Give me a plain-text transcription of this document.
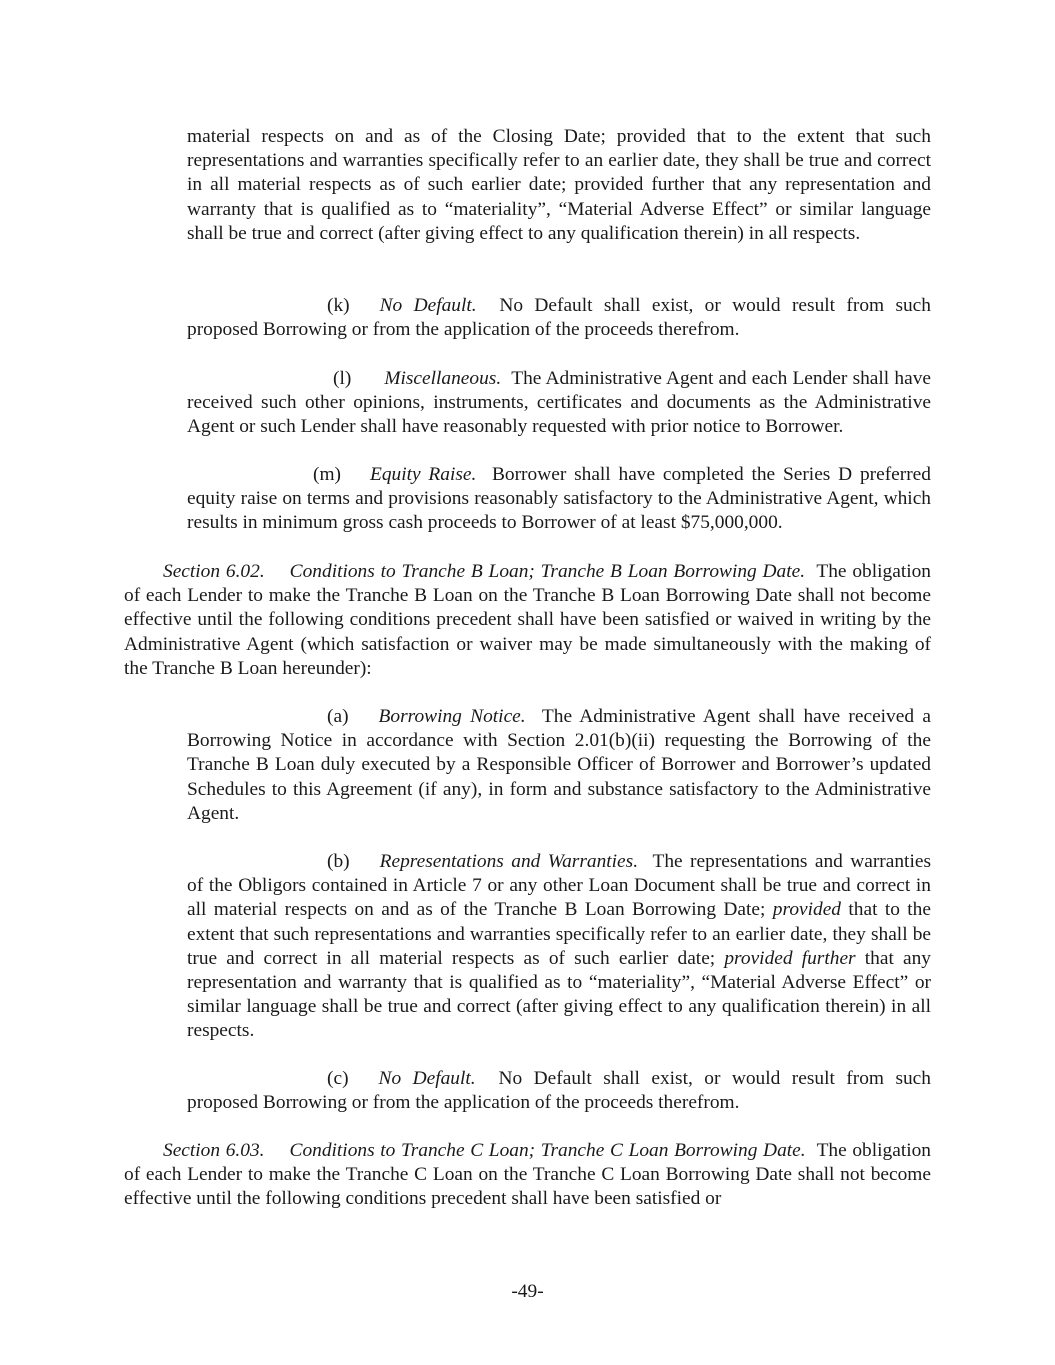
material respects on and as of the Closing Date; provided that to the extent that such representations and warranties specifically refer to an earlier date, they shall be true and correct in all material respects as of such earlier date; provided further that any representation and warranty that is qualified as to “materiality”, “Material Adverse Effect” or similar language shall be true and correct (after giving effect to any qualification therein) in all respects.

(k) No Default. No Default shall exist, or would result from such proposed Borrowing or from the application of the proceeds therefrom.

(l) Miscellaneous. The Administrative Agent and each Lender shall have received such other opinions, instruments, certificates and documents as the Administrative Agent or such Lender shall have reasonably requested with prior notice to Borrower.

(m) Equity Raise. Borrower shall have completed the Series D preferred equity raise on terms and provisions reasonably satisfactory to the Administrative Agent, which results in minimum gross cash proceeds to Borrower of at least $75,000,000.

Section 6.02. Conditions to Tranche B Loan; Tranche B Loan Borrowing Date. The obligation of each Lender to make the Tranche B Loan on the Tranche B Loan Borrowing Date shall not become effective until the following conditions precedent shall have been satisfied or waived in writing by the Administrative Agent (which satisfaction or waiver may be made simultaneously with the making of the Tranche B Loan hereunder):

(a) Borrowing Notice. The Administrative Agent shall have received a Borrowing Notice in accordance with Section 2.01(b)(ii) requesting the Borrowing of the Tranche B Loan duly executed by a Responsible Officer of Borrower and Borrower’s updated Schedules to this Agreement (if any), in form and substance satisfactory to the Administrative Agent.

(b) Representations and Warranties. The representations and warranties of the Obligors contained in Article 7 or any other Loan Document shall be true and correct in all material respects on and as of the Tranche B Loan Borrowing Date; provided that to the extent that such representations and warranties specifically refer to an earlier date, they shall be true and correct in all material respects as of such earlier date; provided further that any representation and warranty that is qualified as to “materiality”, “Material Adverse Effect” or similar language shall be true and correct (after giving effect to any qualification therein) in all respects.

(c) No Default. No Default shall exist, or would result from such proposed Borrowing or from the application of the proceeds therefrom.

Section 6.03. Conditions to Tranche C Loan; Tranche C Loan Borrowing Date. The obligation of each Lender to make the Tranche C Loan on the Tranche C Loan Borrowing Date shall not become effective until the following conditions precedent shall have been satisfied or

-49-
